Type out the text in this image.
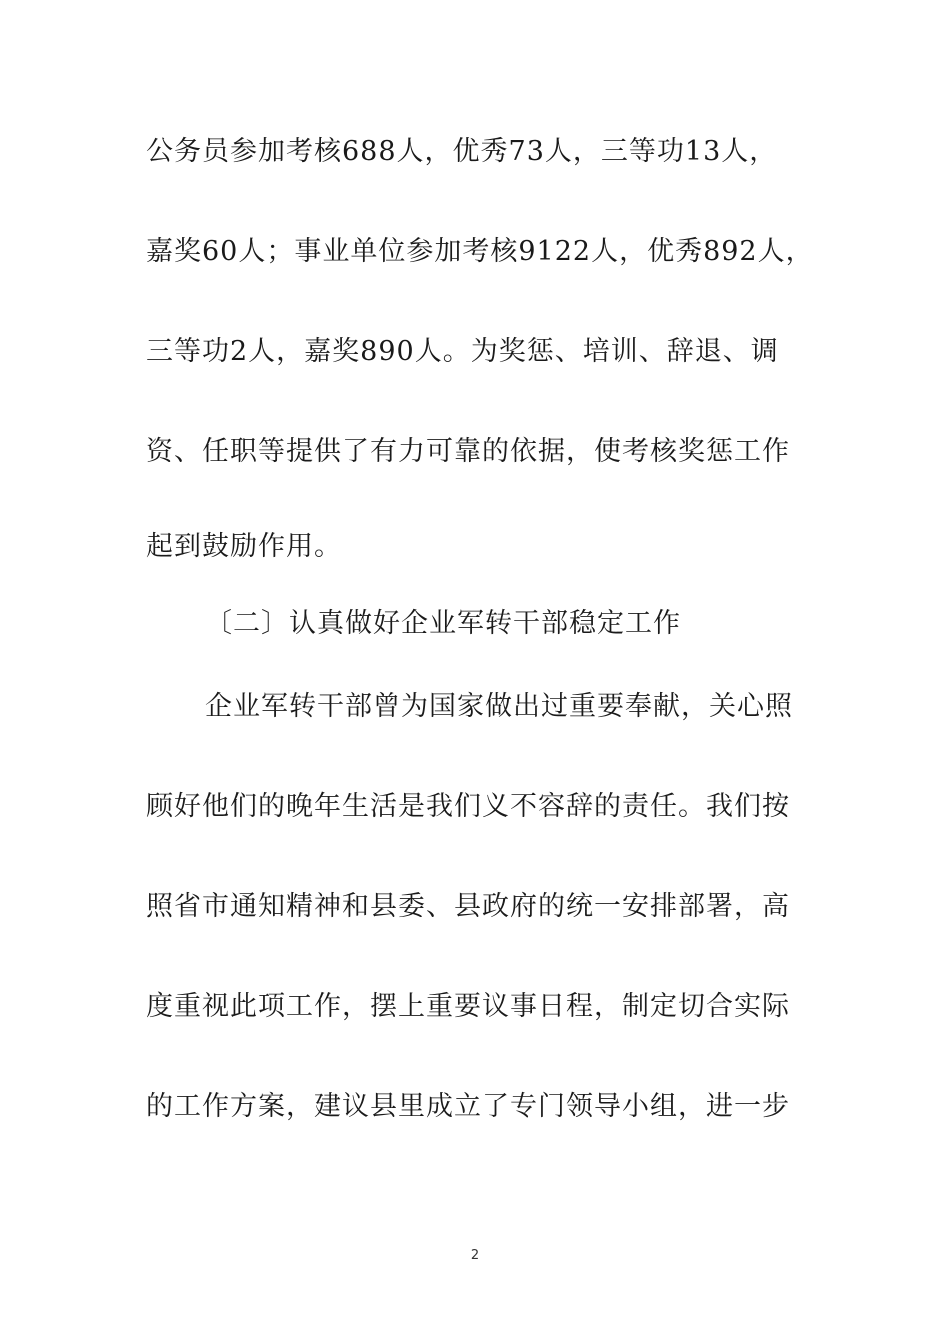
公务员参加考核688人，优秀73人，三等功13人，
嘉奖60人；事业单位参加考核9122人，优秀892人，
三等功2人，嘉奖890人。为奖惩、培训、辞退、调
资、任职等提供了有力可靠的依据，使考核奖惩工作
起到鼓励作用。
〔二〕认真做好企业军转干部稳定工作
企业军转干部曾为国家做出过重要奉献，关心照
顾好他们的晚年生活是我们义不容辞的责任。我们按
照省市通知精神和县委、县政府的统一安排部署，高
度重视此项工作，摆上重要议事日程，制定切合实际
的工作方案，建议县里成立了专门领导小组，进一步
2
